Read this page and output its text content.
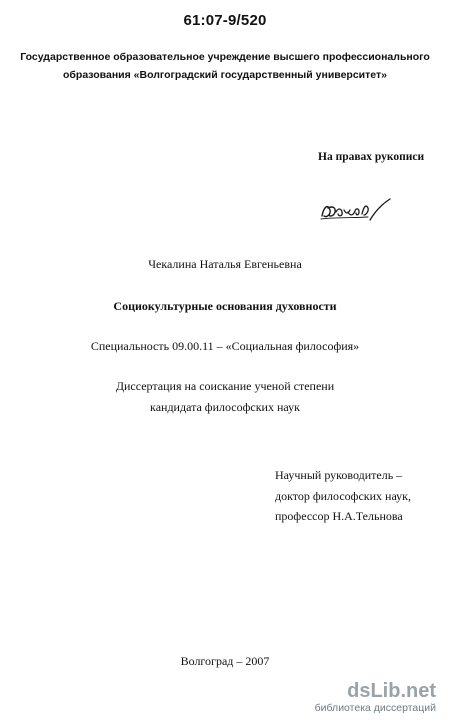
61:07-9/520
Государственное образовательное учреждение высшего профессионального
образования «Волгоградский государственный университет»
На правах рукописи
Чекалина Наталья Евгеньевна
Социокультурные основания духовности
Специальность 09.00.11 – «Социальная философия»
Диссертация на соискание ученой степени
кандидата философских наук
Научный руководитель –
доктор философских наук,
профессор Н.А.Тельнова
Волгоград – 2007
dsLib.net
библиотека диссертаций
